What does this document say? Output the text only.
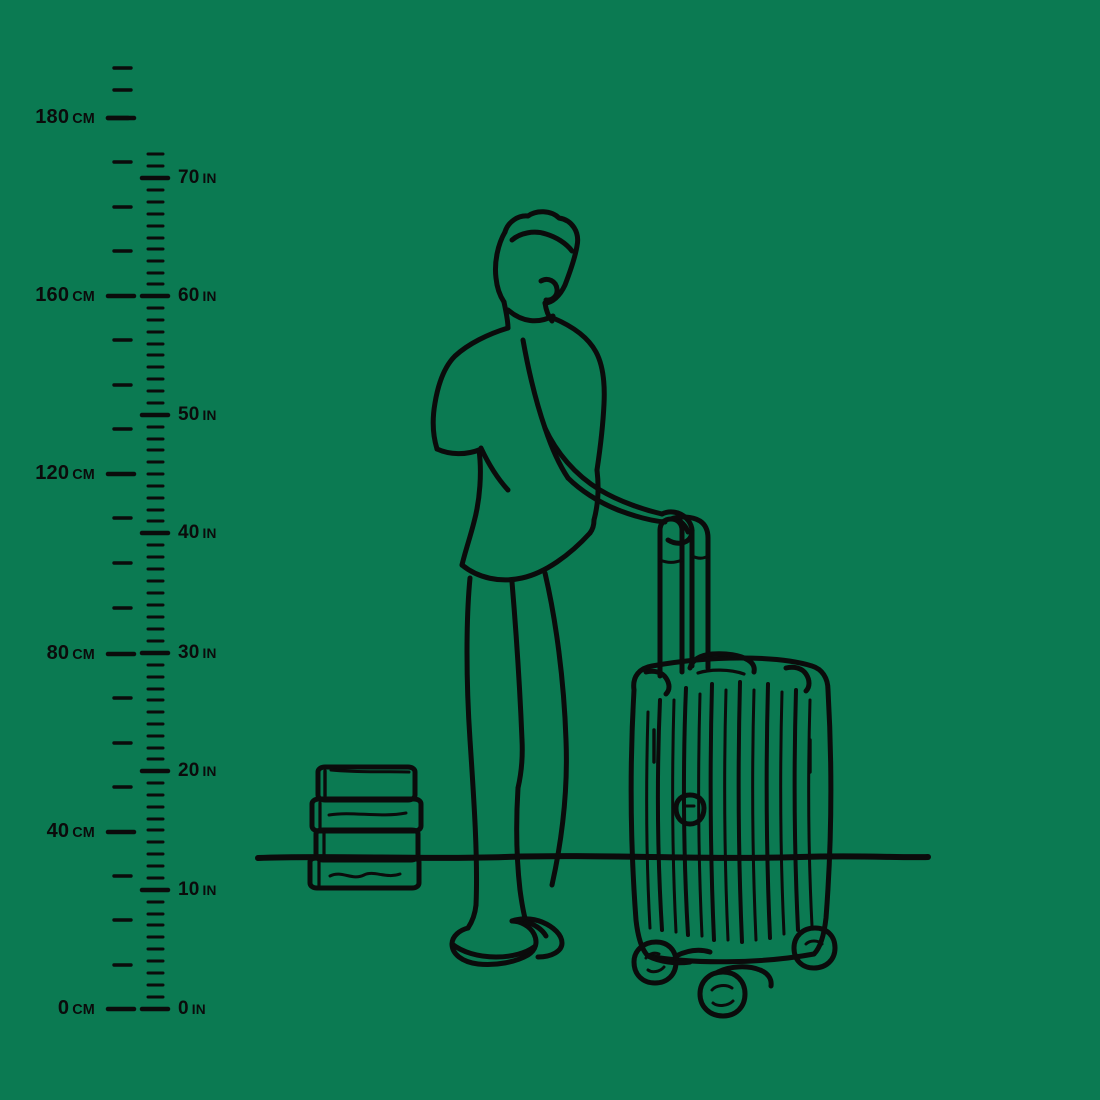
180 CM
160 CM
120 CM
80 CM
40 CM
0 CM
70 IN
60 IN
50 IN
40 IN
30 IN
20 IN
10 IN
0 IN
